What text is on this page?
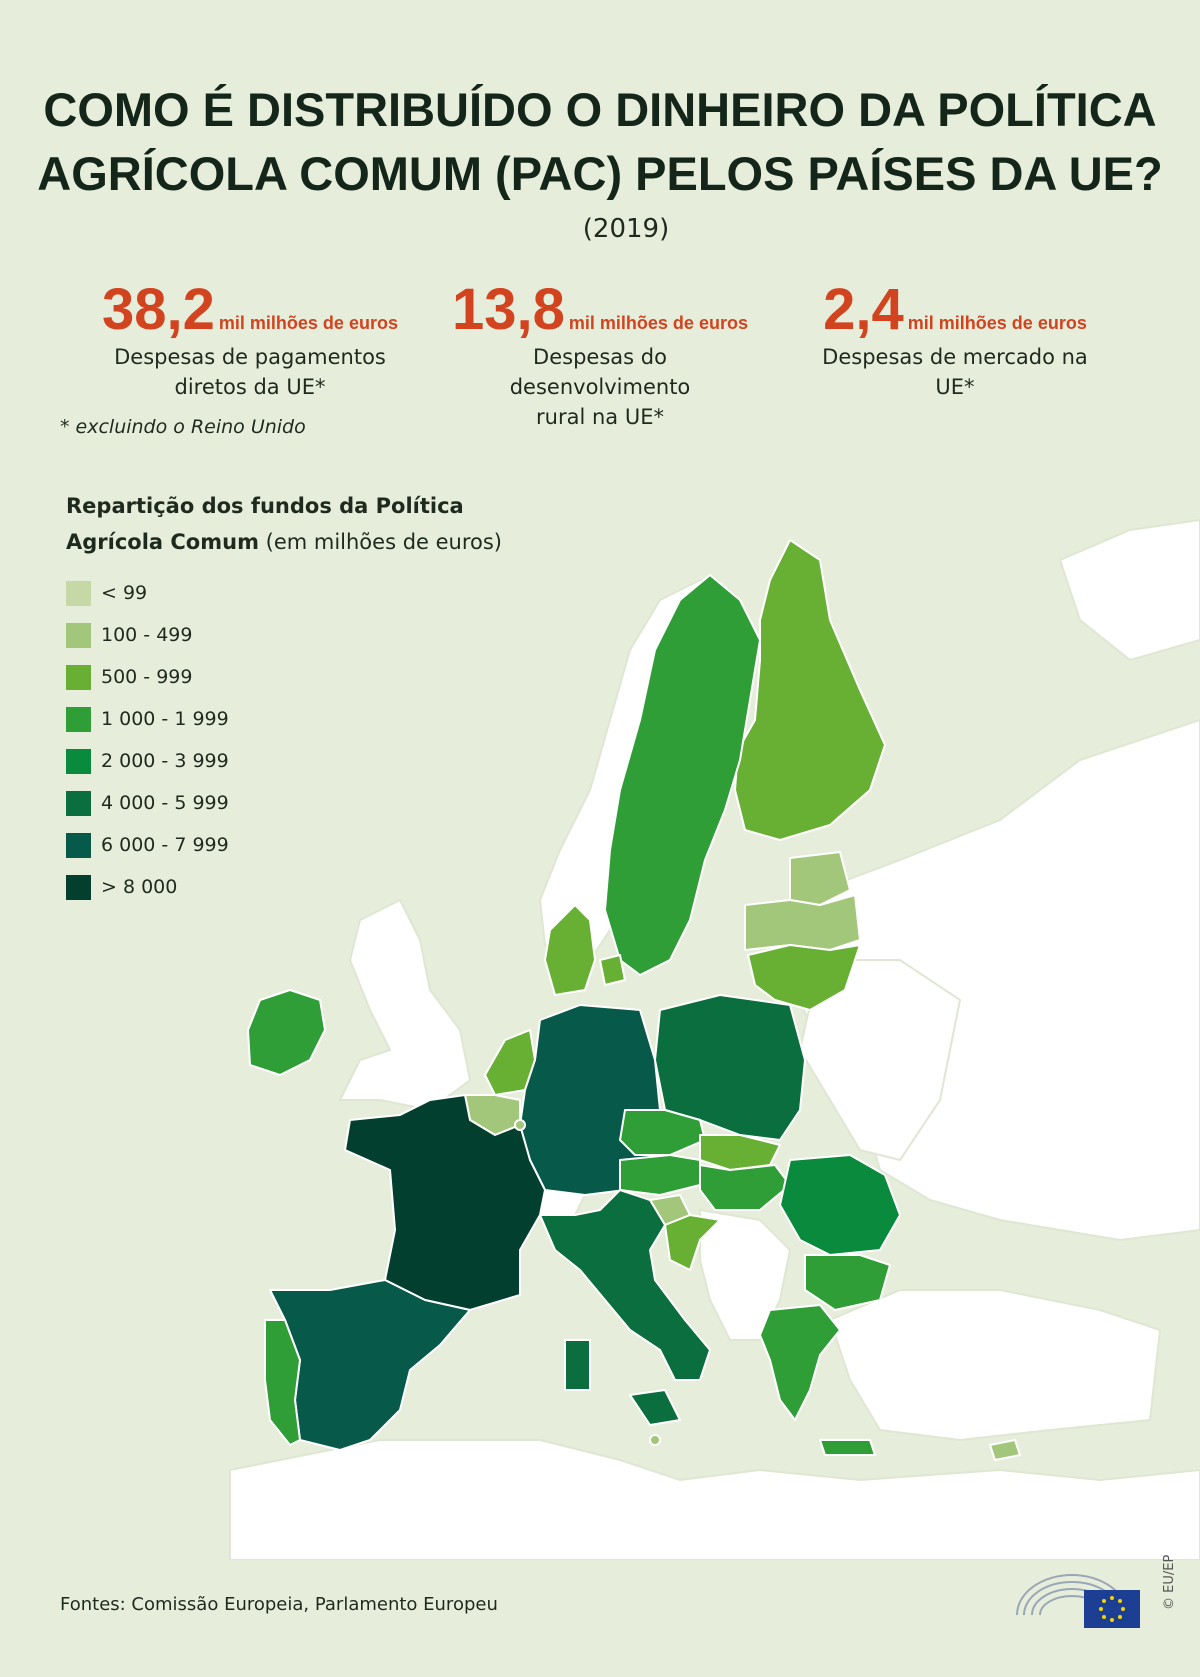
COMO É DISTRIBUÍDO O DINHEIRO DA POLÍTICA
AGRÍCOLA COMUM (PAC) PELOS PAÍSES DA UE?
(2019)
38,2 mil milhões de euros
Despesas de pagamentos
diretos da UE*
13,8 mil milhões de euros
Despesas do desenvolvimento
rural na UE*
2,4 mil milhões de euros
Despesas de mercado na UE*
* excluindo o Reino Unido
Repartição dos fundos da Política
Agrícola Comum (em milhões de euros)
< 99
100 - 499
500 - 999
1 000 - 1 999
2 000 - 3 999
4 000 - 5 999
6 000 - 7 999
> 8 000
Fontes: Comissão Europeia, Parlamento Europeu	© EU/EP
